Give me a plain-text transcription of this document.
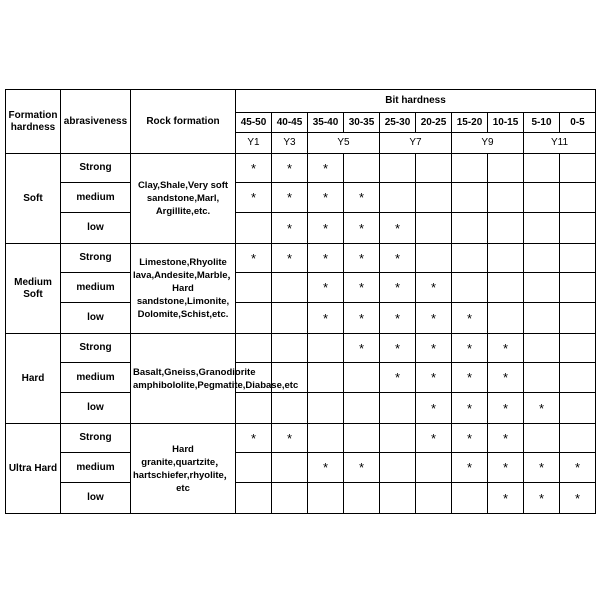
Formation hardness	abrasiveness	Rock formation	Bit hardness									
			45-50	40-45	35-40	30-35	25-30	20-25	15-20	10-15	5-10	0-5
			Y1	Y3	Y5		Y7		Y9		Y11	
Soft	Strong	Clay,Shale,Very soft sandstone,Marl, Argillite,etc.	*	*	*							
	medium		*	*	*	*						
	low			*	*	*	*					
Medium Soft	Strong	Limestone,Rhyolite lava,Andesite,Marble，Hard sandstone,Limonite, Dolomite,Schist,etc.	*	*	*	*	*					
	medium				*	*	*	*				
	low				*	*	*	*	*			
Hard	Strong	Basalt,Gneiss,Granodiorite amphibololite,Pegmatite,Diabase,etc				*	*	*	*	*		
	medium						*	*	*	*		
	low							*	*	*	*	
Ultra Hard	Strong	Hard granite,quartzite，hartschiefer,rhyolite，etc	*	*				*	*	*		
	medium				*	*			*	*	*	*
	low									*	*	*
